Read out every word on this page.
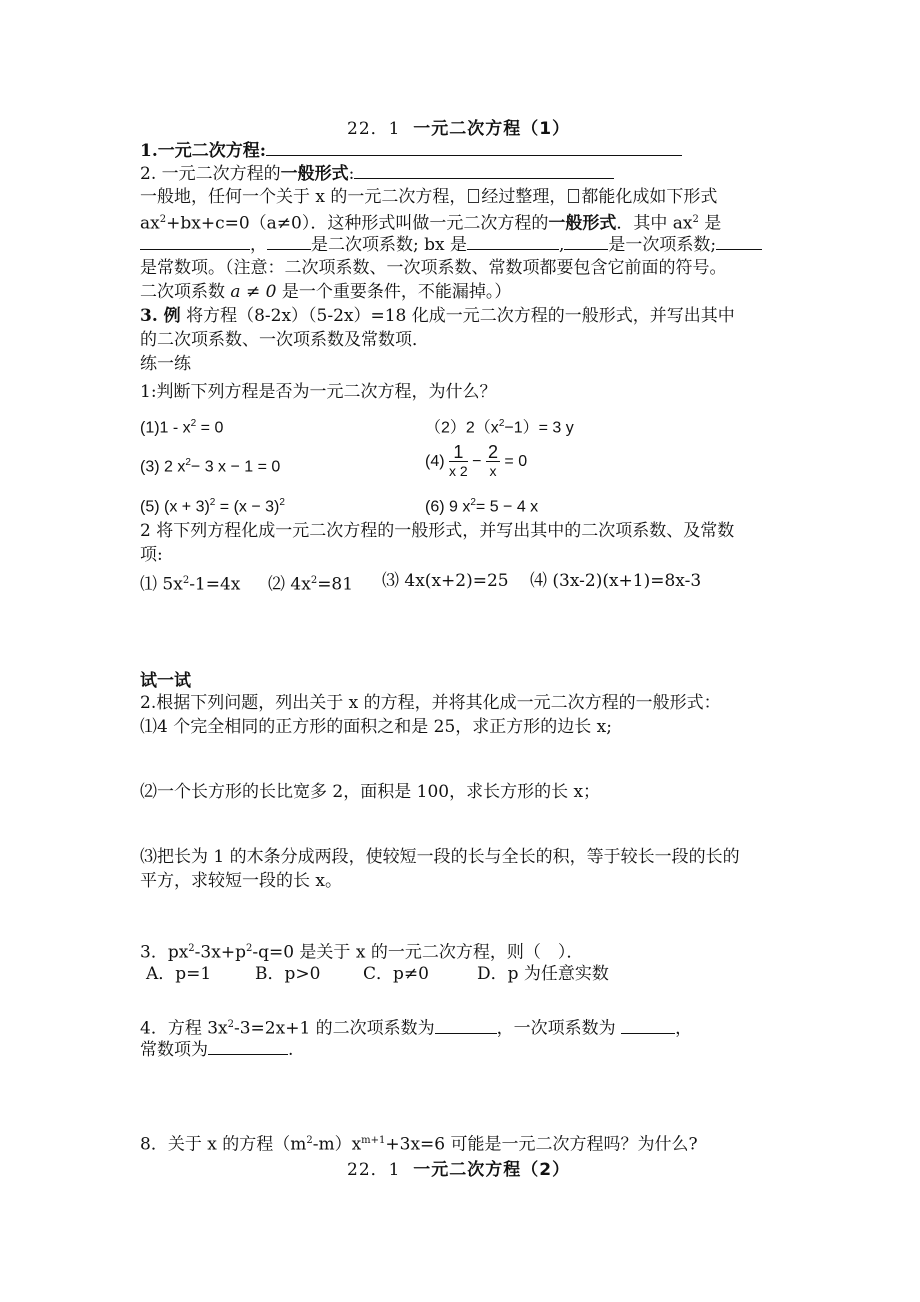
22．1 一元二次方程（1）
1.一元二次方程:
2. 一元二次方程的一般形式:
一般地，任何一个关于 x 的一元二次方程， 经过整理， 都能化成如下形式
$ax^2+bx+c=0(a\ne 0)$．这种形式叫做一元二次方程的一般形式．其中 $ax^2$ 是
，	是二次项系数; bx 是	,	是一次项系数;
是常数项。（注意：二次项系数、一次项系数、常数项都要包含它前面的符号。
二次项系数 a ≠ 0 是一个重要条件，不能漏掉。）
3. 例 将方程（8-2x）（5-2x）=18 化成一元二次方程的一般形式，并写出其中
的二次项系数、一次项系数及常数项．
练一练
1:判断下列方程是否为一元二次方程，为什么？
$(1)1 - x^2 = 0$	$(2)2(x^2-1)= 3$ y
(3) 2 $x^2- 3$ x − 1 = 0	$(4) \frac{1}{x 2} - \frac{2}{x} = 0$
(5) $(x + 3)^2 = (x - 3)^2$	(6) 9 $x^2= 5 - 4$ x
2 将下列方程化成一元二次方程的一般形式，并写出其中的二次项系数、及常数
项:
⑴ $5x^2-1=4x$ ⑵ $4x^2=81$ ⑶ 4x(x+2)=25 ⑷ (3x-2)(x+1)=8x-3
试一试
2.根据下列问题，列出关于 x 的方程，并将其化成一元二次方程的一般形式：
⑴4 个完全相同的正方形的面积之和是 25，求正方形的边长 x;
⑵一个长方形的长比宽多 2，面积是 100，求长方形的长 x；
⑶把长为 1 的木条分成两段，使较短一段的长与全长的积，等于较长一段的长的
平方，求较短一段的长 x。
3．$px^2-3x+p^2-q=0$ 是关于 x 的一元二次方程，则（　）．
A．p=1	B．p>0	C．p≠0	D．p 为任意实数
4．方程 $3x^2-3=2x+1$ 的二次项系数为	，一次项系数为	，
常数项为	.
8．关于 x 的方程$(m^2-m)x^{m+1}+3x=6$ 可能是一元二次方程吗？为什么?
22．1 一元二次方程（2）
